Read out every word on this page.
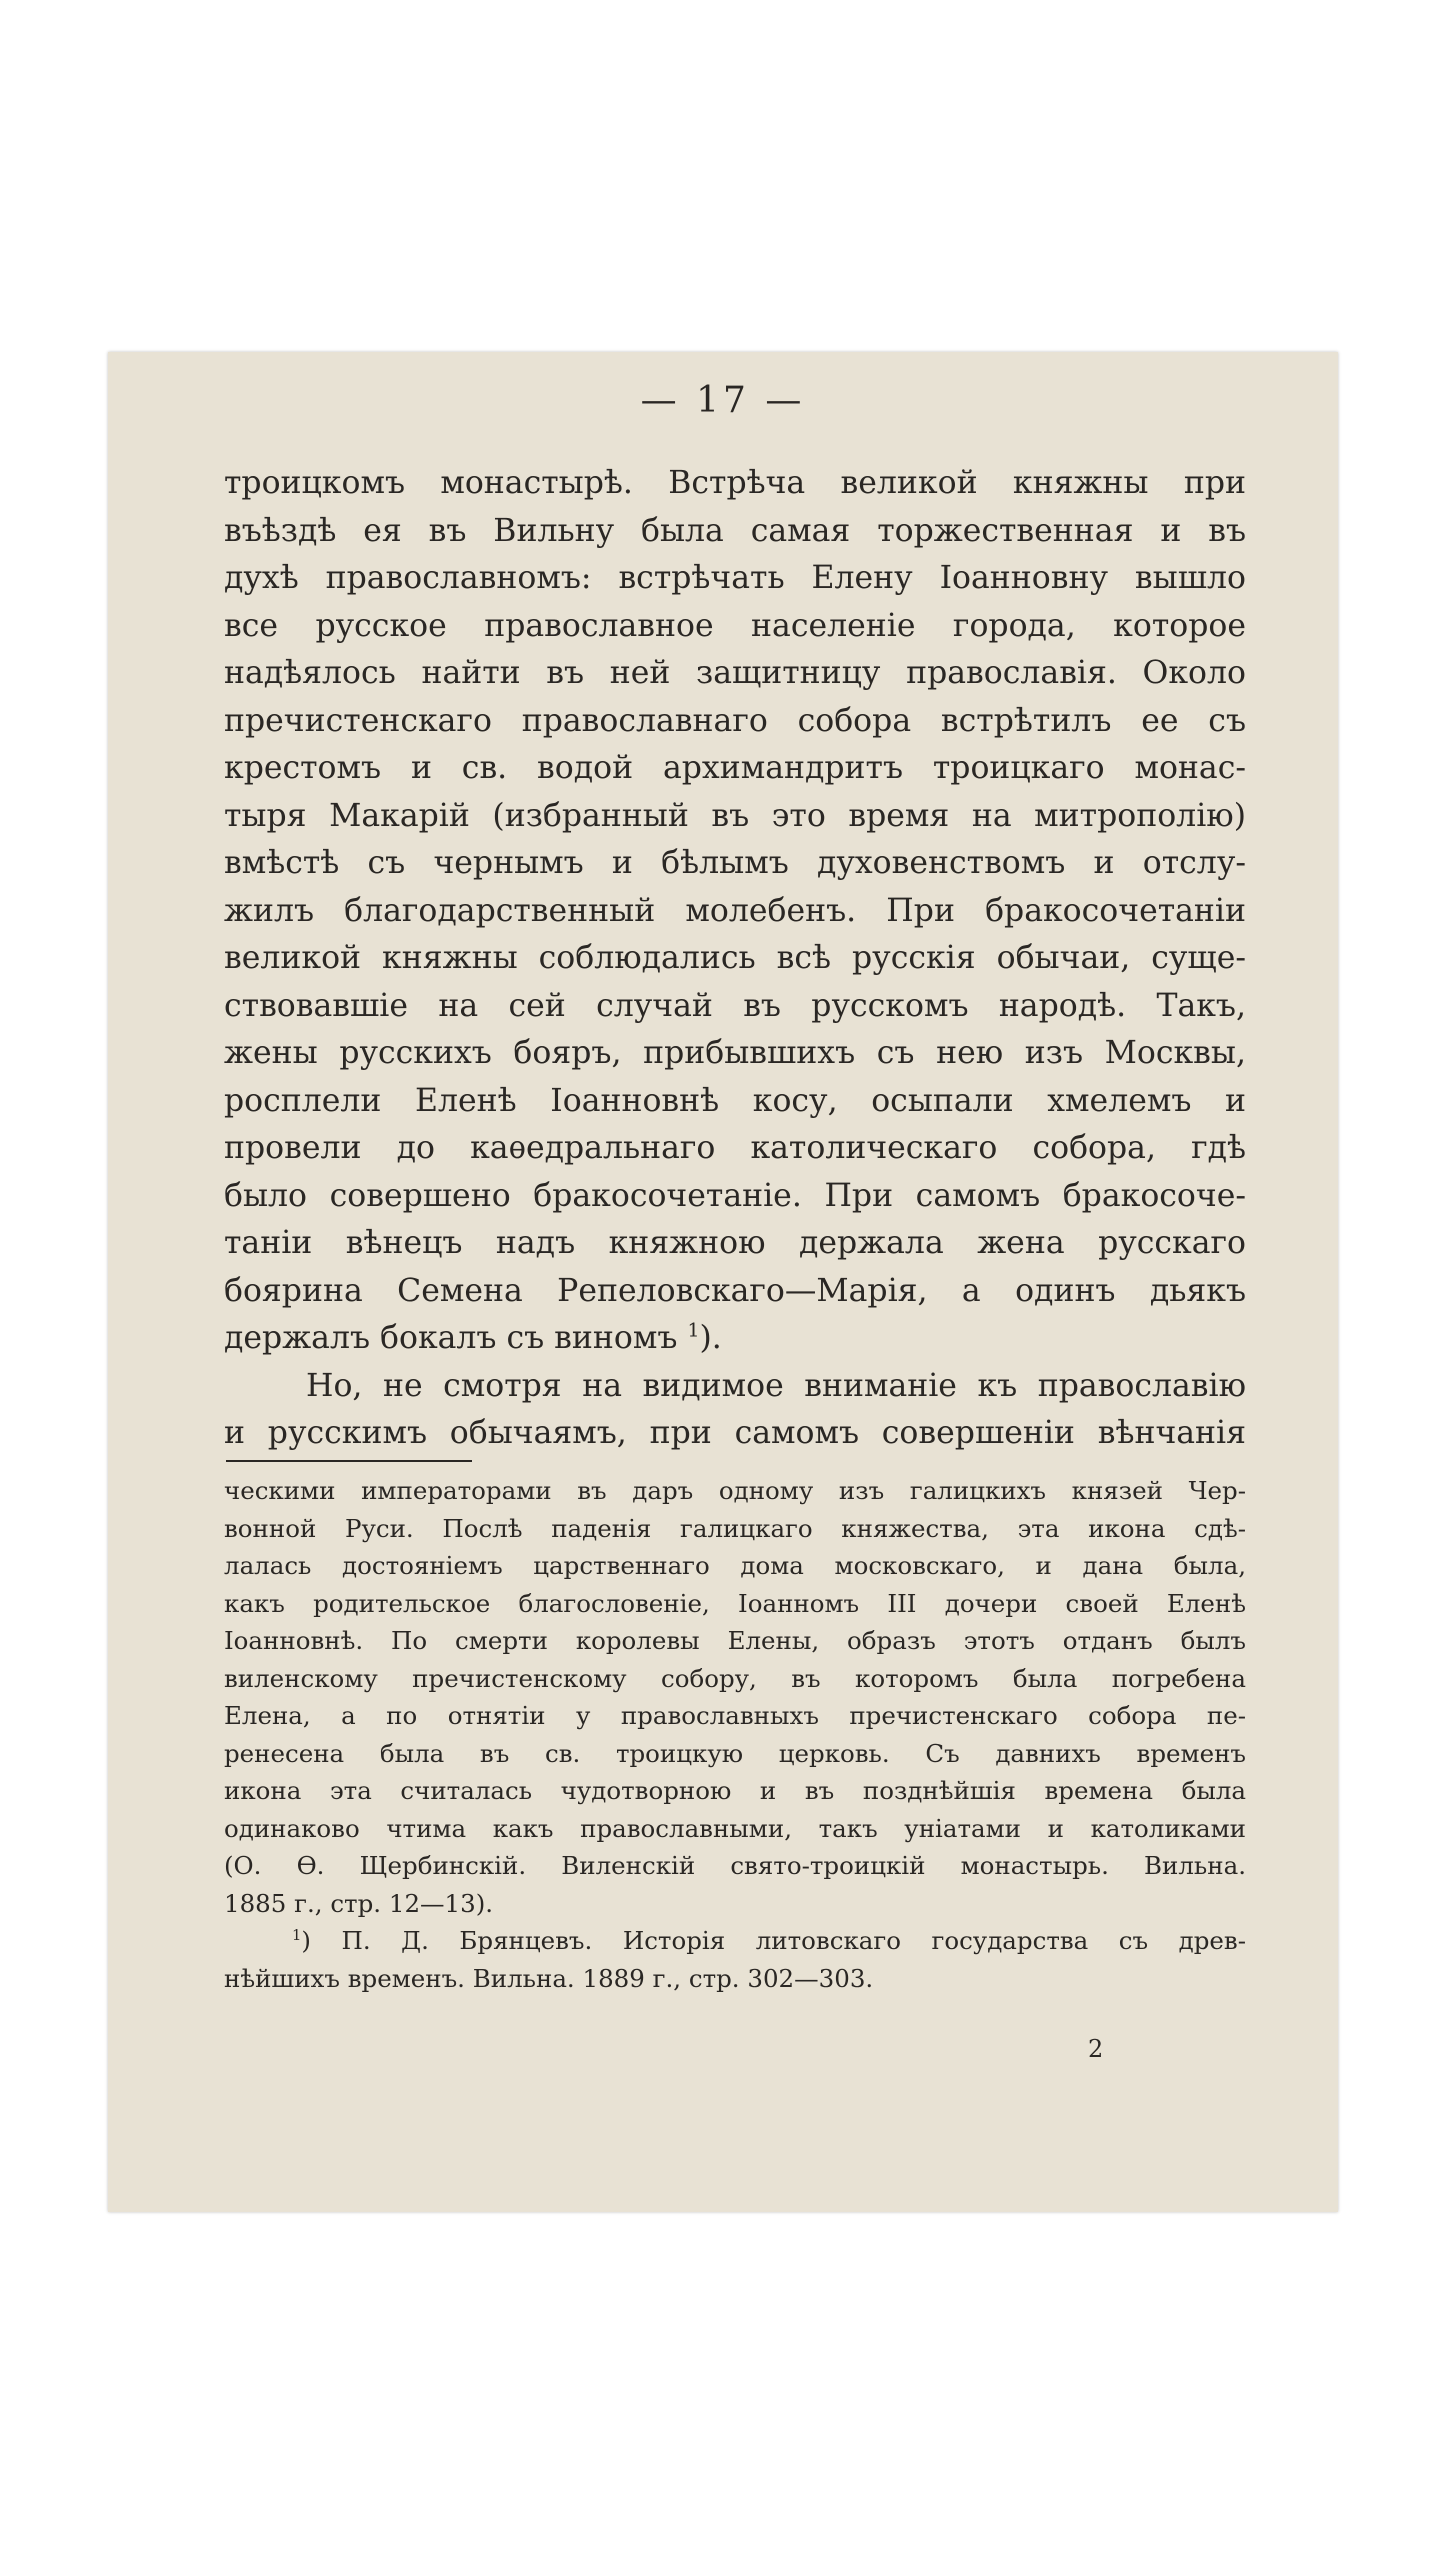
— 17 —
троицкомъ монастырѣ. Встрѣча великой княжны при
въѣздѣ ея въ Вильну была самая торжественная и въ
духѣ православномъ: встрѣчать Елену Іоанновну вышло
все русское православное населеніе города, которое
надѣялось найти въ ней защитницу православія. Около
пречистенскаго православнаго собора встрѣтилъ ее съ
крестомъ и св. водой архимандритъ троицкаго монас-
тыря Макарій (избранный въ это время на митрополію)
вмѣстѣ съ чернымъ и бѣлымъ духовенствомъ и отслу-
жилъ благодарственный молебенъ. При бракосочетаніи
великой княжны соблюдались всѣ русскія обычаи, суще-
ствовавшіе на сей случай въ русскомъ народѣ. Такъ,
жены русскихъ бояръ, прибывшихъ съ нею изъ Москвы,
росплели Еленѣ Іоанновнѣ косу, осыпали хмелемъ и
провели до каѳедральнаго католическаго собора, гдѣ
было совершено бракосочетаніе. При самомъ бракосоче-
таніи вѣнецъ надъ княжною держала жена русскаго
боярина Семена Репеловскаго—Марія, а одинъ дьякъ
держалъ бокалъ съ виномъ $^1$).
Но, не смотря на видимое вниманіе къ православію
и русскимъ обычаямъ, при самомъ совершеніи вѣнчанія
ческими императорами въ даръ одному изъ галицкихъ князей Чер-
вонной Руси. Послѣ паденія галицкаго княжества, эта икона сдѣ-
лалась достояніемъ царственнаго дома московскаго, и дана была,
какъ родительское благословеніе, Іоанномъ III дочери своей Еленѣ
Іоанновнѣ. По смерти королевы Елены, образъ этотъ отданъ былъ
виленскому пречистенскому собору, въ которомъ была погребена
Елена, а по отнятіи у православныхъ пречистенскаго собора пе-
ренесена была въ св. троицкую церковь. Съ давнихъ временъ
икона эта считалась чудотворною и въ позднѣйшія времена была
одинаково чтима какъ православными, такъ уніатами и католиками
(О. Ѳ. Щербинскій. Виленскій свято-троицкій монастырь. Вильна.
1885 г., стр. 12—13).
$^1$) П. Д. Брянцевъ. Исторія литовскаго государства съ древ-
нѣйшихъ временъ. Вильна. 1889 г., стр. 302—303.
2
